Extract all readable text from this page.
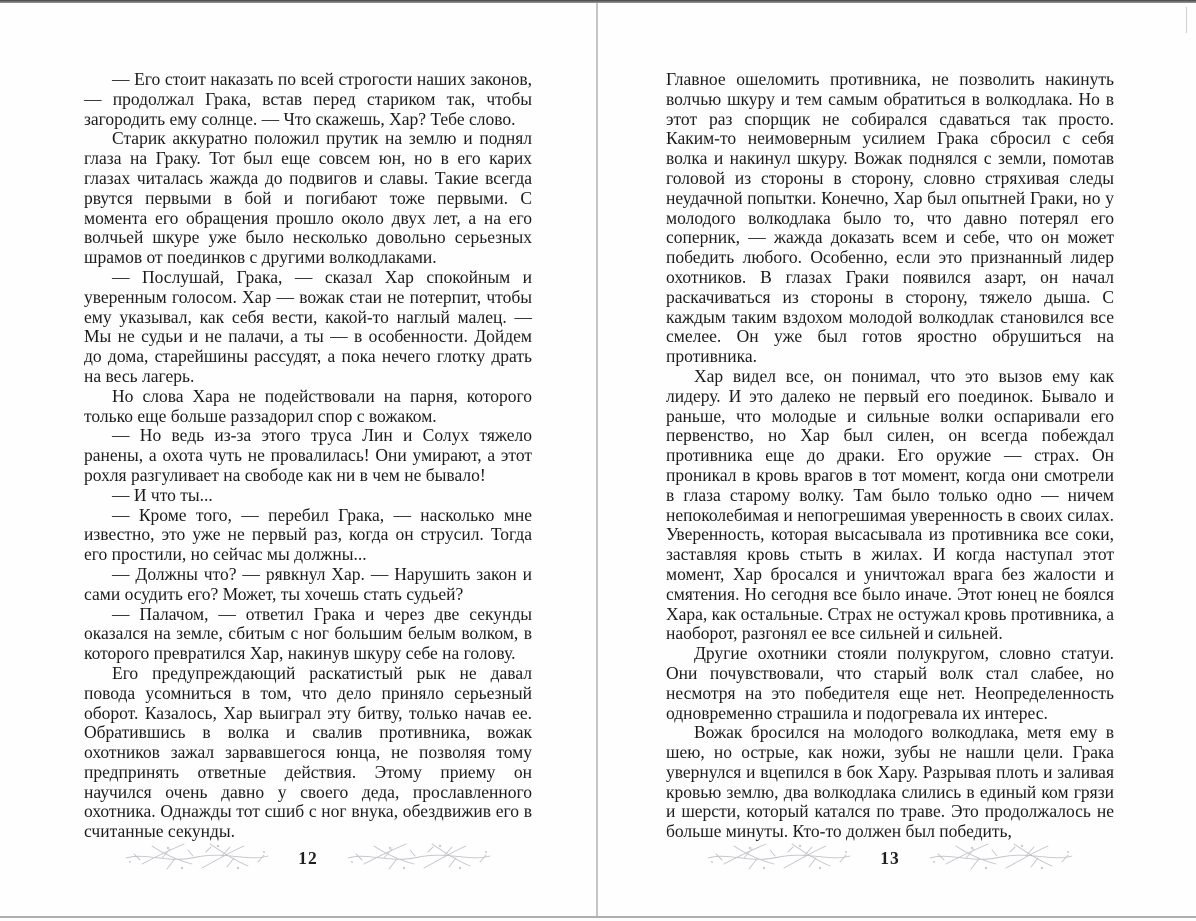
— Его стоит наказать по всей строгости наших законов, — продолжал Грака, встав перед стариком так, чтобы загородить ему солнце. — Что скажешь, Хар? Тебе слово.

Старик аккуратно положил прутик на землю и поднял глаза на Граку. Тот был еще совсем юн, но в его карих глазах читалась жажда до подвигов и славы. Такие всегда рвутся первыми в бой и погибают тоже первыми. С момента его обращения прошло около двух лет, а на его волчьей шкуре уже было несколько довольно серьезных шрамов от поединков с другими волкодлаками.

— Послушай, Грака, — сказал Хар спокойным и уверенным голосом. Хар — вожак стаи не потерпит, чтобы ему указывал, как себя вести, какой-то наглый малец. — Мы не судьи и не палачи, а ты — в особенности. Дойдем до дома, старейшины рассудят, а пока нечего глотку драть на весь лагерь.

Но слова Хара не подействовали на парня, которого только еще больше раззадорил спор с вожаком.

— Но ведь из-за этого труса Лин и Солух тяжело ранены, а охота чуть не провалилась! Они умирают, а этот рохля разгуливает на свободе как ни в чем не бывало!

— И что ты...

— Кроме того, — перебил Грака, — насколько мне известно, это уже не первый раз, когда он струсил. Тогда его простили, но сейчас мы должны...

— Должны что? — рявкнул Хар. — Нарушить закон и сами осудить его? Может, ты хочешь стать судьей?

— Палачом, — ответил Грака и через две секунды оказался на земле, сбитым с ног большим белым волком, в которого превратился Хар, накинув шкуру себе на голову.

Его предупреждающий раскатистый рык не давал повода усомниться в том, что дело приняло серьезный оборот. Казалось, Хар выиграл эту битву, только начав ее. Обратившись в волка и свалив противника, вожак охотников зажал зарвавшегося юнца, не позволяя тому предпринять ответные действия. Этому приему он научился очень давно у своего деда, прославленного охотника. Однажды тот сшиб с ног внука, обездвижив его в считанные секунды.

12

Главное ошеломить противника, не позволить накинуть волчью шкуру и тем самым обратиться в волкодлака. Но в этот раз спорщик не собирался сдаваться так просто. Каким-то неимоверным усилием Грака сбросил с себя волка и накинул шкуру. Вожак поднялся с земли, помотав головой из стороны в сторону, словно стряхивая следы неудачной попытки. Конечно, Хар был опытней Граки, но у молодого волкодлака было то, что давно потерял его соперник, — жажда доказать всем и себе, что он может победить любого. Особенно, если это признанный лидер охотников. В глазах Граки появился азарт, он начал раскачиваться из стороны в сторону, тяжело дыша. С каждым таким вздохом молодой волкодлак становился все смелее. Он уже был готов яростно обрушиться на противника.

Хар видел все, он понимал, что это вызов ему как лидеру. И это далеко не первый его поединок. Бывало и раньше, что молодые и сильные волки оспаривали его первенство, но Хар был силен, он всегда побеждал противника еще до драки. Его оружие — страх. Он проникал в кровь врагов в тот момент, когда они смотрели в глаза старому волку. Там было только одно — ничем непоколебимая и непогрешимая уверенность в своих силах. Уверенность, которая высасывала из противника все соки, заставляя кровь стыть в жилах. И когда наступал этот момент, Хар бросался и уничтожал врага без жалости и смятения. Но сегодня все было иначе. Этот юнец не боялся Хара, как остальные. Страх не остужал кровь противника, а наоборот, разгонял ее все сильней и сильней.

Другие охотники стояли полукругом, словно статуи. Они почувствовали, что старый волк стал слабее, но несмотря на это победителя еще нет. Неопределенность одновременно страшила и подогревала их интерес.

Вожак бросился на молодого волкодлака, метя ему в шею, но острые, как ножи, зубы не нашли цели. Грака увернулся и вцепился в бок Хару. Разрывая плоть и заливая кровью землю, два волкодлака слились в единый ком грязи и шерсти, который катался по траве. Это продолжалось не больше минуты. Кто-то должен был победить,

13
